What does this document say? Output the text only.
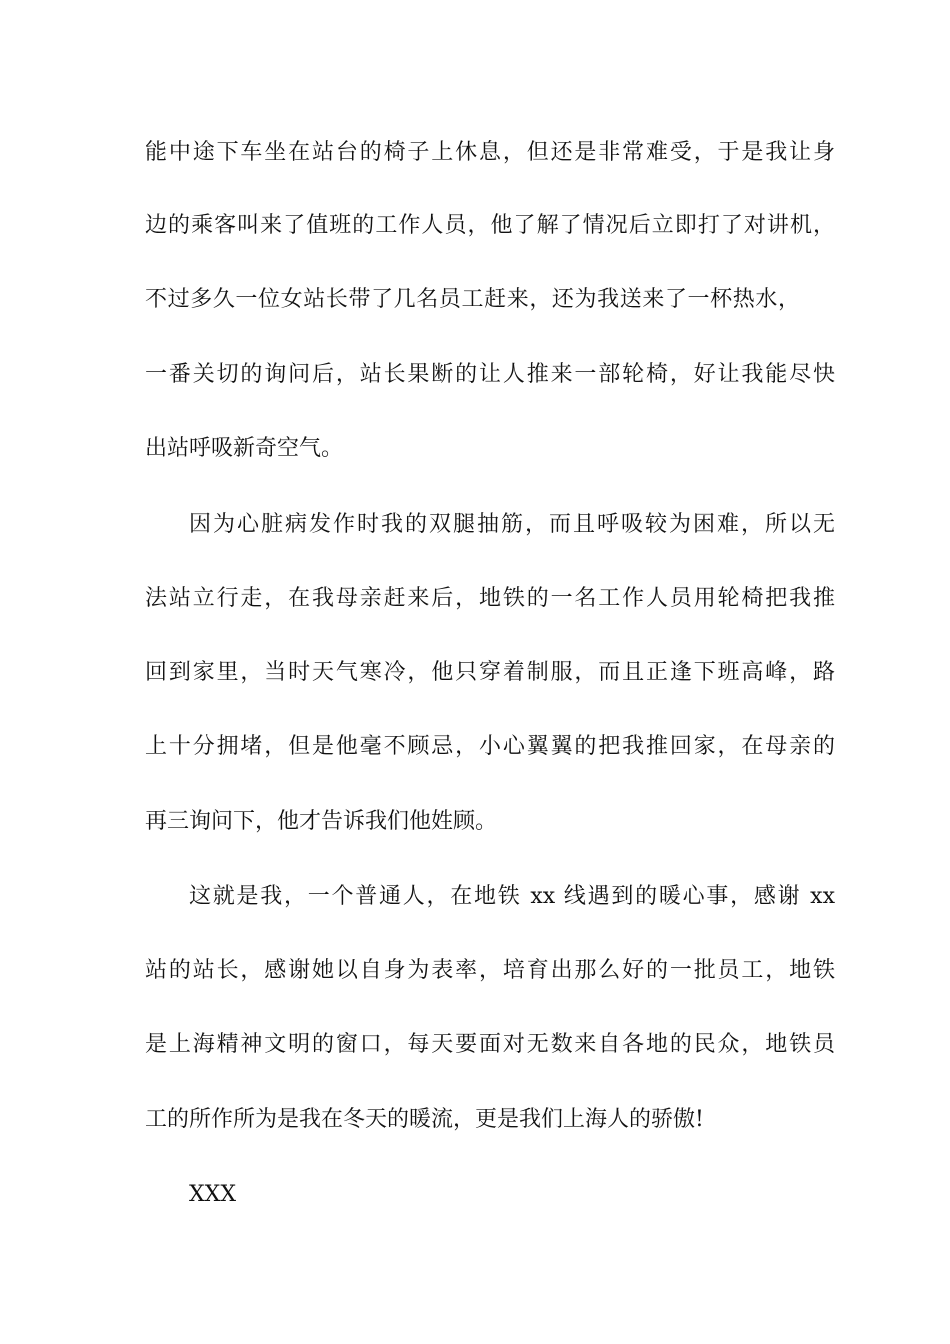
能中途下车坐在站台的椅子上休息，但还是非常难受，于是我让身
边的乘客叫来了值班的工作人员，他了解了情况后立即打了对讲机，
不过多久一位女站长带了几名员工赶来，还为我送来了一杯热水，
一番关切的询问后，站长果断的让人推来一部轮椅，好让我能尽快
出站呼吸新奇空气。
因为心脏病发作时我的双腿抽筋，而且呼吸较为困难，所以无
法站立行走，在我母亲赶来后，地铁的一名工作人员用轮椅把我推
回到家里，当时天气寒冷，他只穿着制服，而且正逢下班高峰，路
上十分拥堵，但是他毫不顾忌，小心翼翼的把我推回家，在母亲的
再三询问下，他才告诉我们他姓顾。
这就是我，一个普通人，在地铁 xx 线遇到的暖心事，感谢 xx
站的站长，感谢她以自身为表率，培育出那么好的一批员工，地铁
是上海精神文明的窗口，每天要面对无数来自各地的民众，地铁员
工的所作所为是我在冬天的暖流，更是我们上海人的骄傲!
XXX
